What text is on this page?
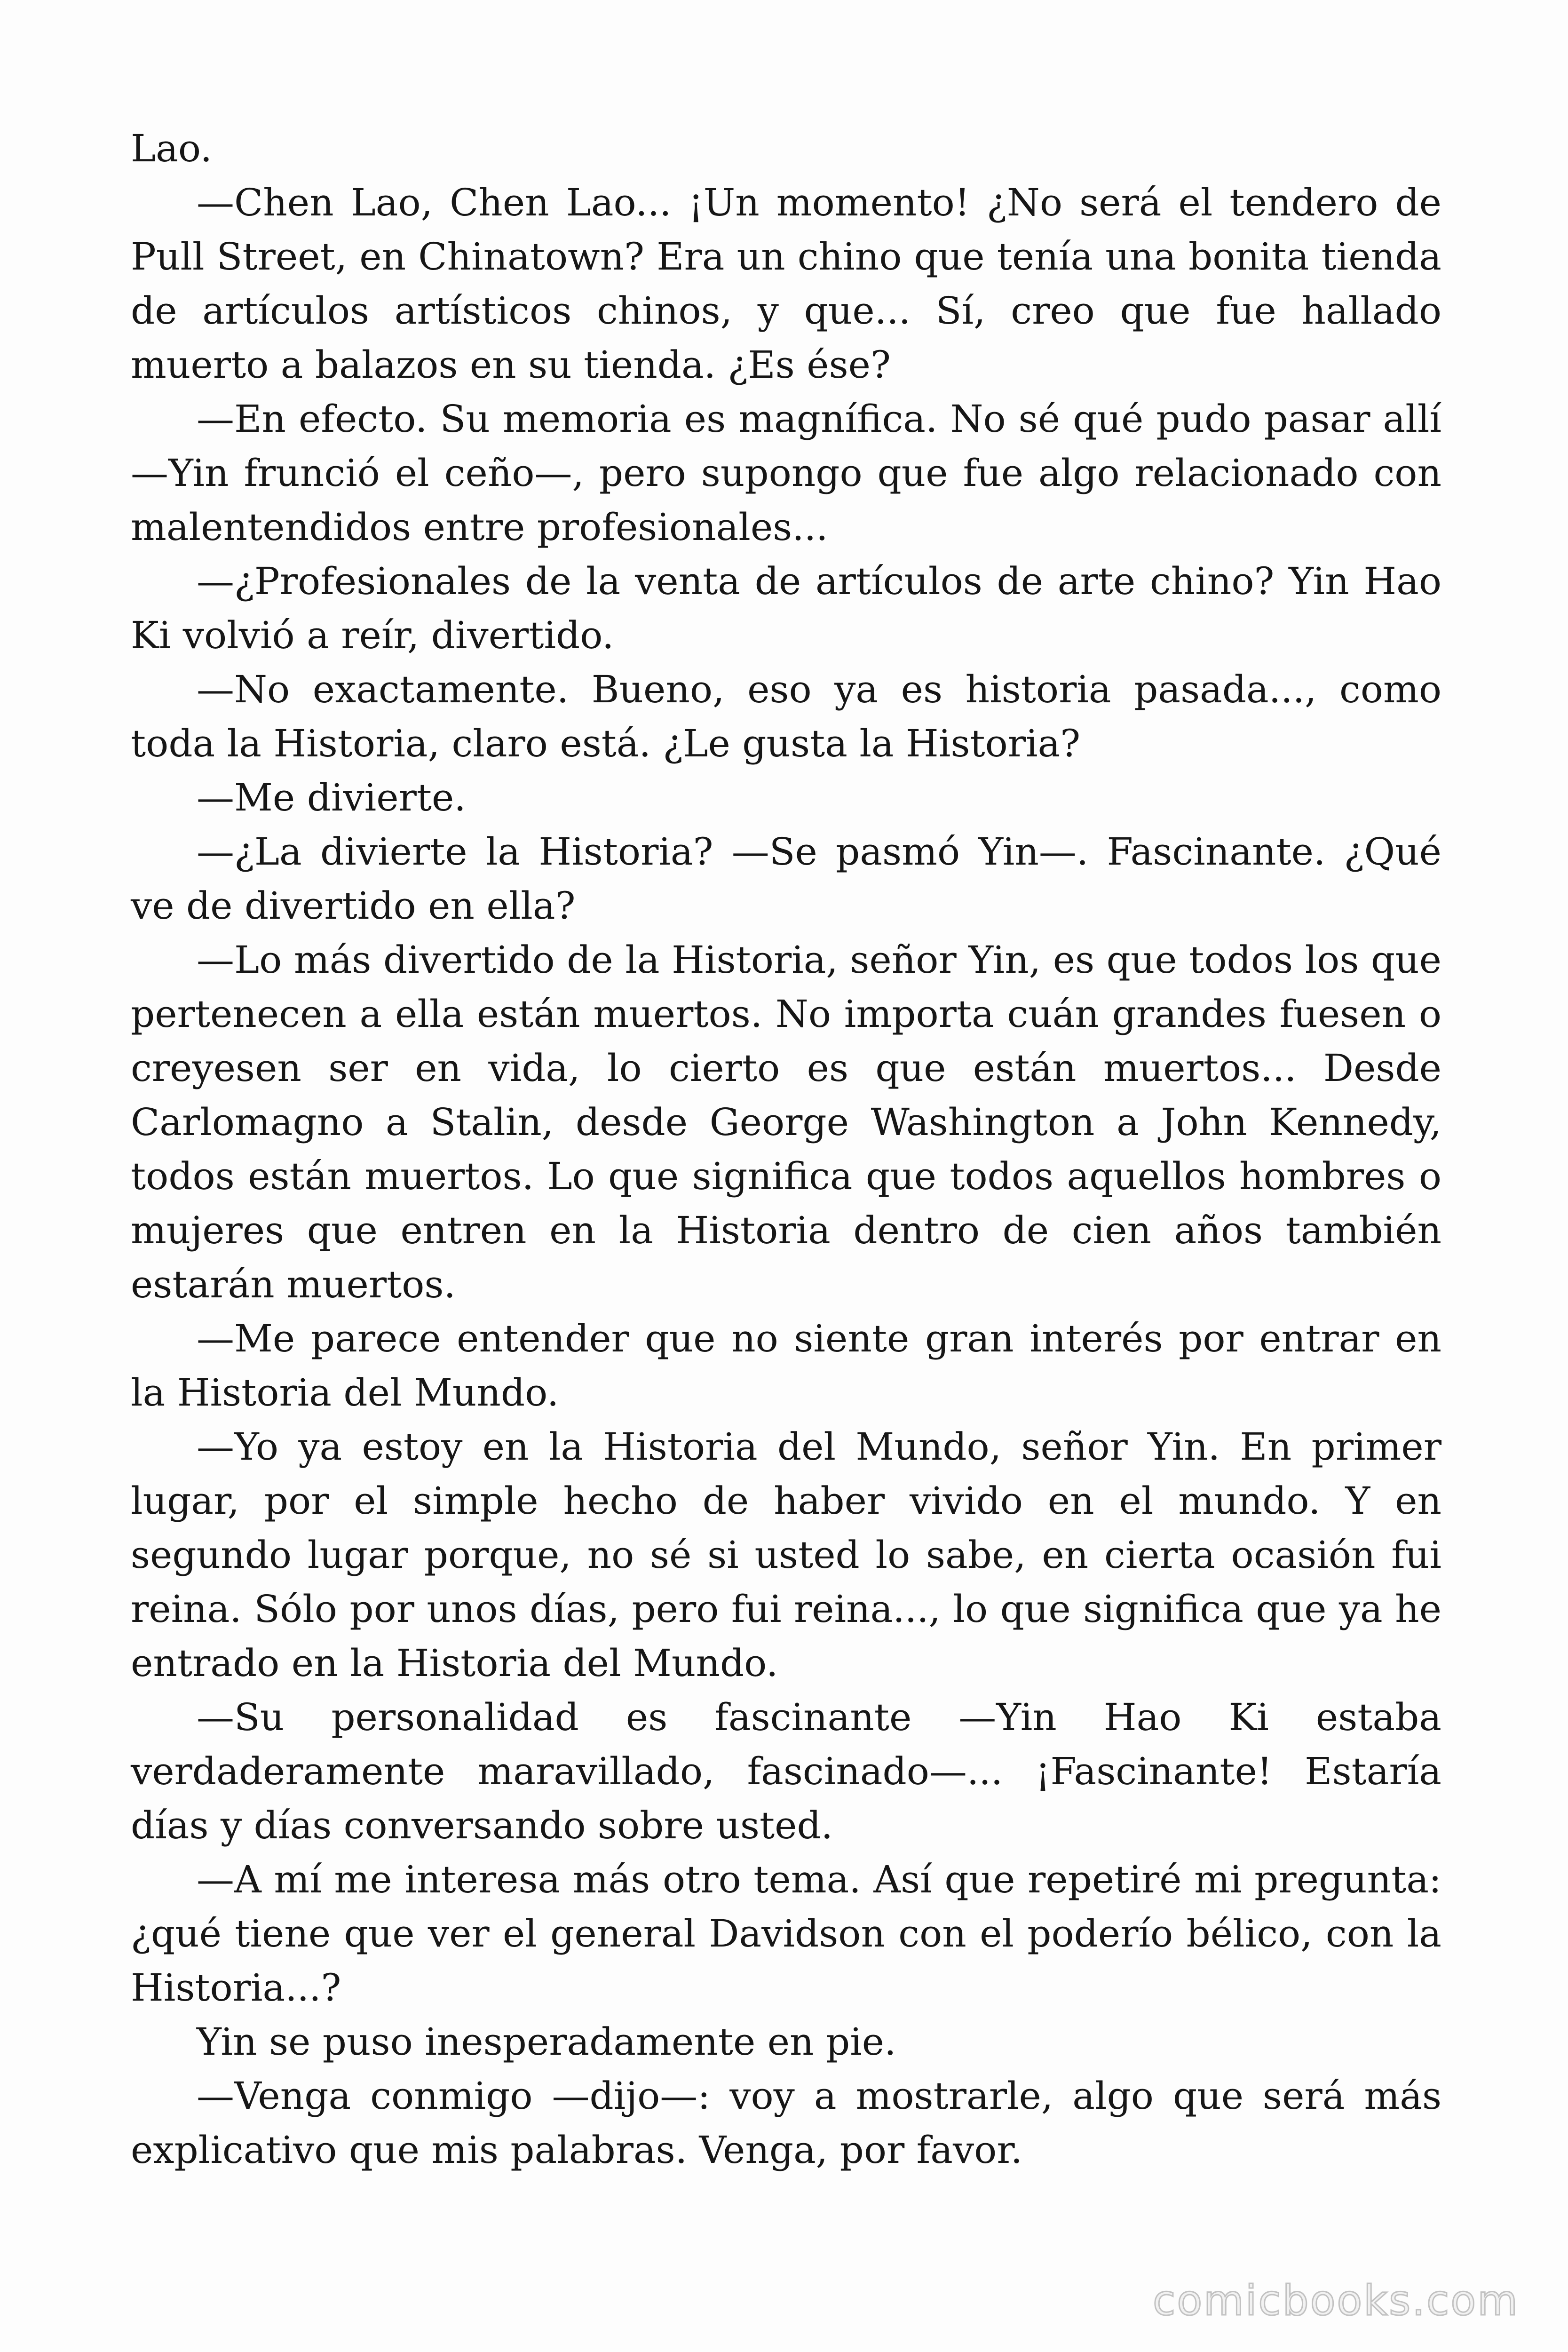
Lao.

—Chen Lao, Chen Lao... ¡Un momento! ¿No será el tendero de Pull Street, en Chinatown? Era un chino que tenía una bonita tienda de artículos artísticos chinos, y que... Sí, creo que fue hallado muerto a balazos en su tienda. ¿Es ése?

—En efecto. Su memoria es magnífica. No sé qué pudo pasar allí —Yin frunció el ceño—, pero supongo que fue algo relacionado con malentendidos entre profesionales...

—¿Profesionales de la venta de artículos de arte chino? Yin Hao Ki volvió a reír, divertido.

—No exactamente. Bueno, eso ya es historia pasada..., como toda la Historia, claro está. ¿Le gusta la Historia?

—Me divierte.

—¿La divierte la Historia? —Se pasmó Yin—. Fascinante. ¿Qué ve de divertido en ella?

—Lo más divertido de la Historia, señor Yin, es que todos los que pertenecen a ella están muertos. No importa cuán grandes fuesen o creyesen ser en vida, lo cierto es que están muertos... Desde Carlomagno a Stalin, desde George Washington a John Kennedy, todos están muertos. Lo que significa que todos aquellos hombres o mujeres que entren en la Historia dentro de cien años también estarán muertos.

—Me parece entender que no siente gran interés por entrar en la Historia del Mundo.

—Yo ya estoy en la Historia del Mundo, señor Yin. En primer lugar, por el simple hecho de haber vivido en el mundo. Y en segundo lugar porque, no sé si usted lo sabe, en cierta ocasión fui reina. Sólo por unos días, pero fui reina..., lo que significa que ya he entrado en la Historia del Mundo.

—Su personalidad es fascinante —Yin Hao Ki estaba verdaderamente maravillado, fascinado—... ¡Fascinante! Estaría días y días conversando sobre usted.

—A mí me interesa más otro tema. Así que repetiré mi pregunta: ¿qué tiene que ver el general Davidson con el poderío bélico, con la Historia...?

Yin se puso inesperadamente en pie.

—Venga conmigo —dijo—: voy a mostrarle, algo que será más explicativo que mis palabras. Venga, por favor.

comicbooks.com
